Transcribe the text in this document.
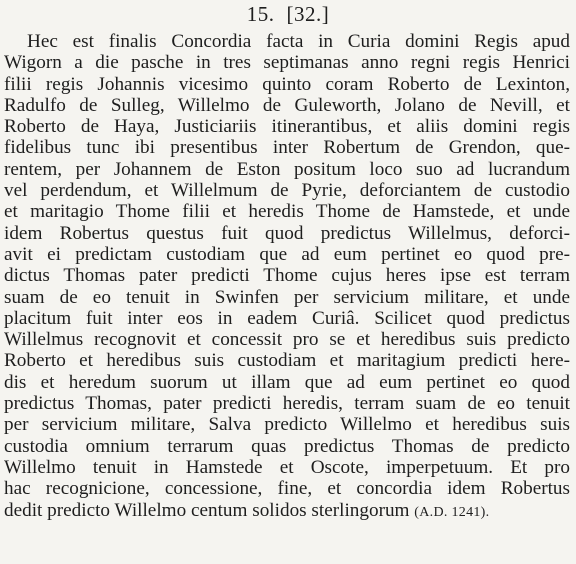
15. [32.]
Hec est finalis Concordia facta in Curia domini Regis apud
Wigorn a die pasche in tres septimanas anno regni regis Henrici
filii regis Johannis vicesimo quinto coram Roberto de Lexinton,
Radulfo de Sulleg, Willelmo de Guleworth, Jolano de Nevill, et
Roberto de Haya, Justiciariis itinerantibus, et aliis domini regis
fidelibus tunc ibi presentibus inter Robertum de Grendon, que-
rentem, per Johannem de Eston positum loco suo ad lucrandum
vel perdendum, et Willelmum de Pyrie, deforciantem de custodio
et maritagio Thome filii et heredis Thome de Hamstede, et unde
idem Robertus questus fuit quod predictus Willelmus, deforci-
avit ei predictam custodiam que ad eum pertinet eo quod pre-
dictus Thomas pater predicti Thome cujus heres ipse est terram
suam de eo tenuit in Swinfen per servicium militare, et unde
placitum fuit inter eos in eadem Curiâ. Scilicet quod predictus
Willelmus recognovit et concessit pro se et heredibus suis predicto
Roberto et heredibus suis custodiam et maritagium predicti here-
dis et heredum suorum ut illam que ad eum pertinet eo quod
predictus Thomas, pater predicti heredis, terram suam de eo tenuit
per servicium militare, Salva predicto Willelmo et heredibus suis
custodia omnium terrarum quas predictus Thomas de predicto
Willelmo tenuit in Hamstede et Oscote, imperpetuum. Et pro
hac recognicione, concessione, fine, et concordia idem Robertus
dedit predicto Willelmo centum solidos sterlingorum (A.D. 1241).
